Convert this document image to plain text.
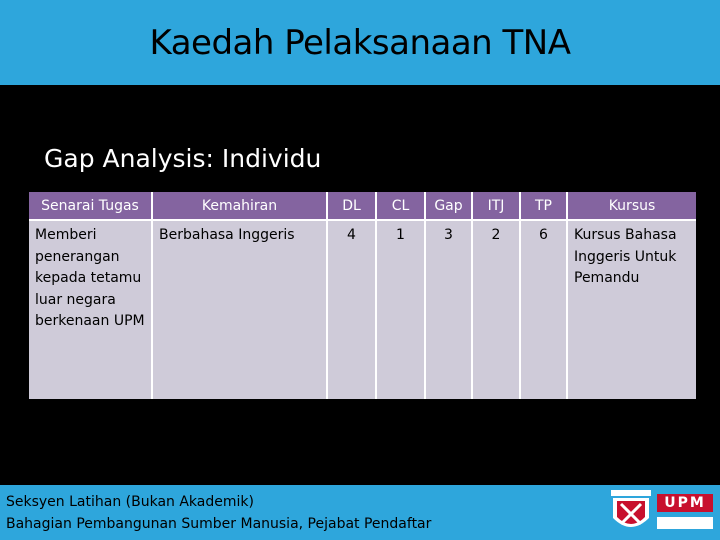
Kaedah Pelaksanaan TNA
Gap Analysis: Individu
Senarai Tugas	Kemahiran	DL	CL	Gap	ITJ	TP	Kursus
Memberi penerangan kepada tetamu luar negara berkenaan UPM	Berbahasa Inggeris	4	1	3	2	6	Kursus Bahasa Inggeris Untuk Pemandu
Seksyen Latihan (Bukan Akademik)
Bahagian Pembangunan Sumber Manusia, Pejabat Pendaftar
UPM
